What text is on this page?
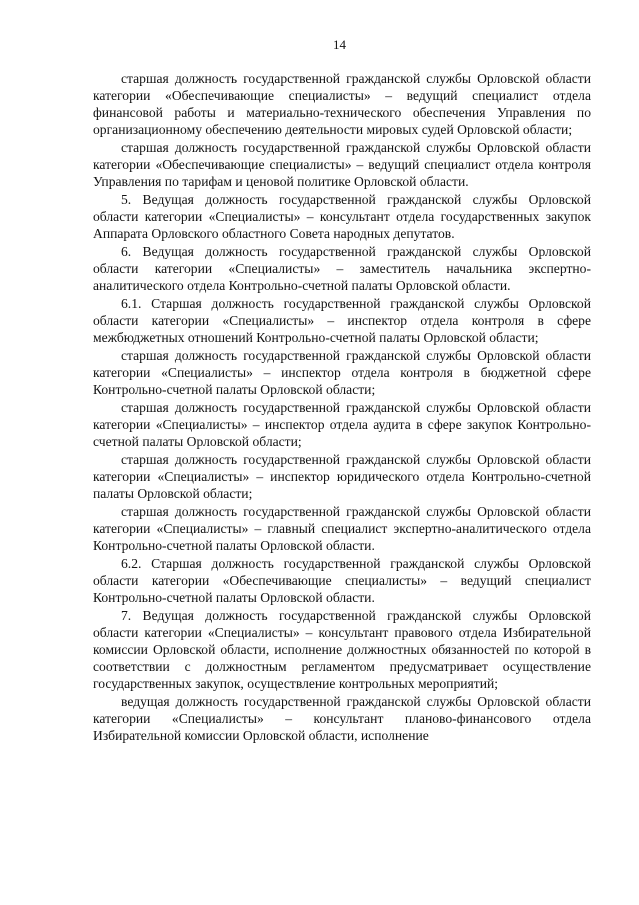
14

старшая должность государственной гражданской службы Орловской области категории «Обеспечивающие специалисты» – ведущий специалист отдела финансовой работы и материально-технического обеспечения Управления по организационному обеспечению деятельности мировых судей Орловской области;

старшая должность государственной гражданской службы Орловской области категории «Обеспечивающие специалисты» – ведущий специалист отдела контроля Управления по тарифам и ценовой политике Орловской области.

5. Ведущая должность государственной гражданской службы Орловской области категории «Специалисты» – консультант отдела государственных закупок Аппарата Орловского областного Совета народных депутатов.

6. Ведущая должность государственной гражданской службы Орловской области категории «Специалисты» – заместитель начальника экспертно-аналитического отдела Контрольно-счетной палаты Орловской области.

6.1. Старшая должность государственной гражданской службы Орловской области категории «Специалисты» – инспектор отдела контроля в сфере межбюджетных отношений Контрольно-счетной палаты Орловской области;

старшая должность государственной гражданской службы Орловской области категории «Специалисты» – инспектор отдела контроля в бюджетной сфере Контрольно-счетной палаты Орловской области;

старшая должность государственной гражданской службы Орловской области категории «Специалисты» – инспектор отдела аудита в сфере закупок Контрольно-счетной палаты Орловской области;

старшая должность государственной гражданской службы Орловской области категории «Специалисты» – инспектор юридического отдела Контрольно-счетной палаты Орловской области;

старшая должность государственной гражданской службы Орловской области категории «Специалисты» – главный специалист экспертно-аналитического отдела Контрольно-счетной палаты Орловской области.

6.2. Старшая должность государственной гражданской службы Орловской области категории «Обеспечивающие специалисты» – ведущий специалист Контрольно-счетной палаты Орловской области.

7. Ведущая должность государственной гражданской службы Орловской области категории «Специалисты» – консультант правового отдела Избирательной комиссии Орловской области, исполнение должностных обязанностей по которой в соответствии с должностным регламентом предусматривает осуществление государственных закупок, осуществление контрольных мероприятий;

ведущая должность государственной гражданской службы Орловской области категории «Специалисты» – консультант планово-финансового отдела Избирательной комиссии Орловской области, исполнение
